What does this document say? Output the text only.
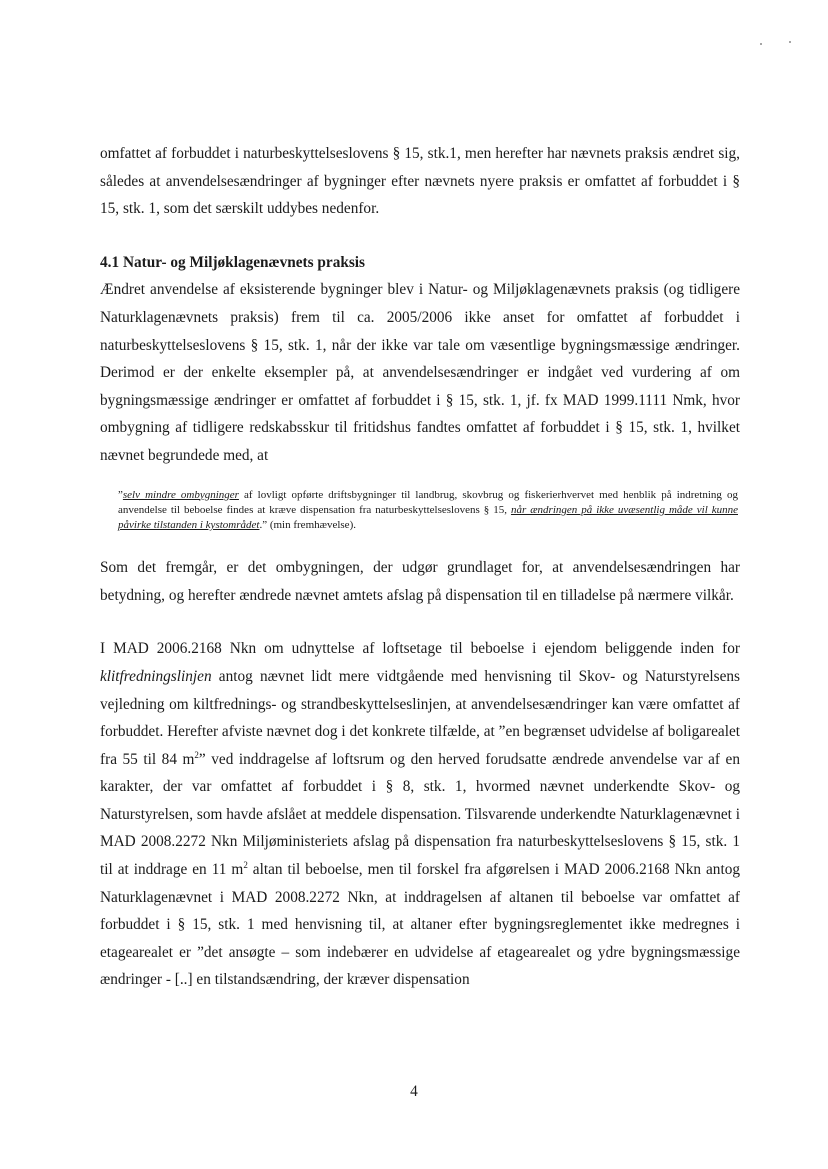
omfattet af forbuddet i naturbeskyttelseslovens § 15, stk.1, men herefter har nævnets praksis ændret sig, således at anvendelsesændringer af bygninger efter nævnets nyere praksis er omfattet af forbuddet i § 15, stk. 1, som det særskilt uddybes nedenfor.

4.1 Natur- og Miljøklagenævnets praksis

Ændret anvendelse af eksisterende bygninger blev i Natur- og Miljøklagenævnets praksis (og tidligere Naturklagenævnets praksis) frem til ca. 2005/2006 ikke anset for omfattet af forbuddet i naturbeskyttelseslovens § 15, stk. 1, når der ikke var tale om væsentlige bygningsmæssige ændringer. Derimod er der enkelte eksempler på, at anvendelsesændringer er indgået ved vurdering af om bygningsmæssige ændringer er omfattet af forbuddet i § 15, stk. 1, jf. fx MAD 1999.1111 Nmk, hvor ombygning af tidligere redskabsskur til fritidshus fandtes omfattet af forbuddet i § 15, stk. 1, hvilket nævnet begrundede med, at

”selv mindre ombygninger af lovligt opførte driftsbygninger til landbrug, skovbrug og fiskerierhvervet med henblik på indretning og anvendelse til beboelse findes at kræve dispensation fra naturbeskyttelseslovens § 15, når ændringen på ikke uvæsentlig måde vil kunne påvirke tilstanden i kystområdet.” (min fremhævelse).

Som det fremgår, er det ombygningen, der udgør grundlaget for, at anvendelsesændringen har betydning, og herefter ændrede nævnet amtets afslag på dispensation til en tilladelse på nærmere vilkår.

I MAD 2006.2168 Nkn om udnyttelse af loftsetage til beboelse i ejendom beliggende inden for klitfredningslinjen antog nævnet lidt mere vidtgående med henvisning til Skov- og Naturstyrelsens vejledning om kiltfrednings- og strandbeskyttelseslinjen, at anvendelsesændringer kan være omfattet af forbuddet. Herefter afviste nævnet dog i det konkrete tilfælde, at ”en begrænset udvidelse af boligarealet fra 55 til 84 $m^2$” ved inddragelse af loftsrum og den herved forudsatte ændrede anvendelse var af en karakter, der var omfattet af forbuddet i § 8, stk. 1, hvormed nævnet underkendte Skov- og Naturstyrelsen, som havde afslået at meddele dispensation. Tilsvarende underkendte Naturklagenævnet i MAD 2008.2272 Nkn Miljøministeriets afslag på dispensation fra naturbeskyttelseslovens § 15, stk. 1 til at inddrage en 11 $m^2$ altan til beboelse, men til forskel fra afgørelsen i MAD 2006.2168 Nkn antog Naturklagenævnet i MAD 2008.2272 Nkn, at inddragelsen af altanen til beboelse var omfattet af forbuddet i § 15, stk. 1 med henvisning til, at altaner efter bygningsreglementet ikke medregnes i etagearealet er ”det ansøgte – som indebærer en udvidelse af etagearealet og ydre bygningsmæssige ændringer - [..] en tilstandsændring, der kræver dispensation

4
